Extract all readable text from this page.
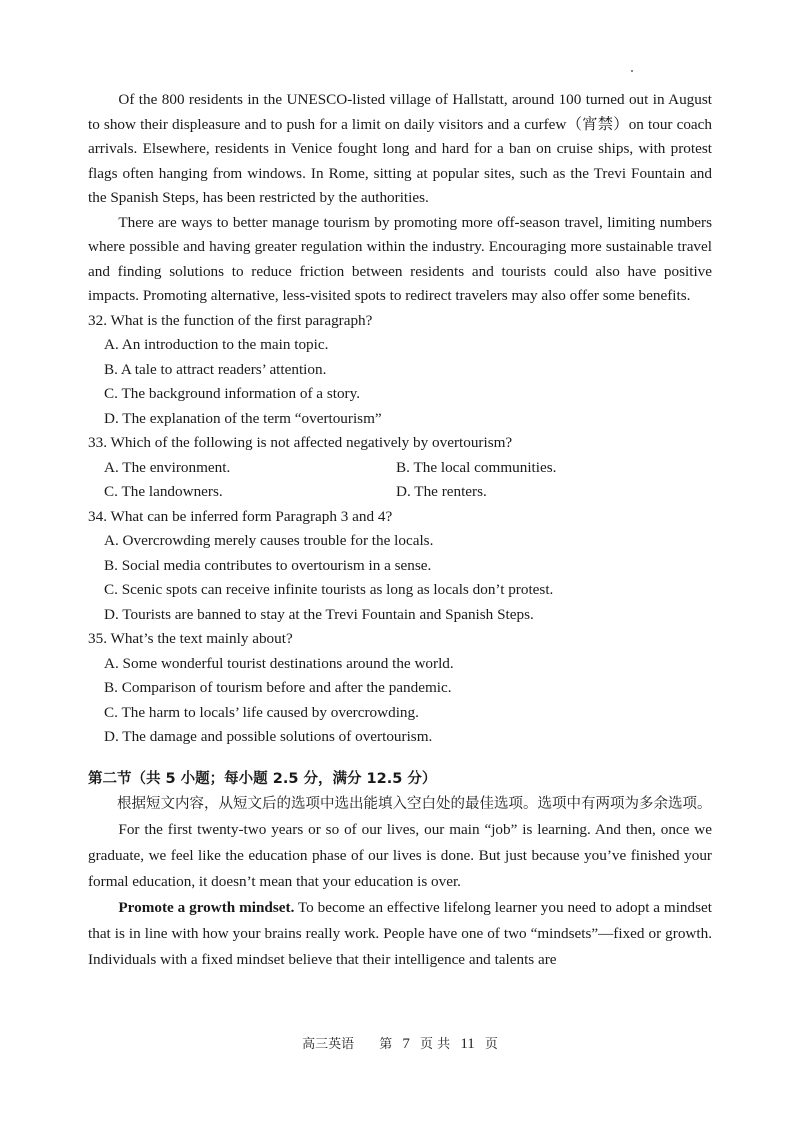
Of the 800 residents in the UNESCO-listed village of Hallstatt, around 100 turned out in August to show their displeasure and to push for a limit on daily visitors and a curfew（宵禁）on tour coach arrivals. Elsewhere, residents in Venice fought long and hard for a ban on cruise ships, with protest flags often hanging from windows. In Rome, sitting at popular sites, such as the Trevi Fountain and the Spanish Steps, has been restricted by the authorities.

There are ways to better manage tourism by promoting more off-season travel, limiting numbers where possible and having greater regulation within the industry. Encouraging more sustainable travel and finding solutions to reduce friction between residents and tourists could also have positive impacts. Promoting alternative, less-visited spots to redirect travelers may also offer some benefits.

32. What is the function of the first paragraph?

A. An introduction to the main topic.

B. A tale to attract readers’ attention.

C. The background information of a story.

D. The explanation of the term “overtourism”

33. Which of the following is not affected negatively by overtourism?

A. The environment.	B. The local communities.
C. The landowners.	D. The renters.

34. What can be inferred form Paragraph 3 and 4?

A. Overcrowding merely causes trouble for the locals.

B. Social media contributes to overtourism in a sense.

C. Scenic spots can receive infinite tourists as long as locals don’t protest.

D. Tourists are banned to stay at the Trevi Fountain and Spanish Steps.

35. What’s the text mainly about?

A. Some wonderful tourist destinations around the world.

B. Comparison of tourism before and after the pandemic.

C. The harm to locals’ life caused by overcrowding.

D. The damage and possible solutions of overtourism.

第二节（共 5 小题；每小题 2.5 分，满分 12.5 分）

根据短文内容，从短文后的选项中选出能填入空白处的最佳选项。选项中有两项为多余选项。

For the first twenty-two years or so of our lives, our main “job” is learning. And then, once we graduate, we feel like the education phase of our lives is done. But just because you’ve finished your formal education, it doesn’t mean that your education is over.

Promote a growth mindset. To become an effective lifelong learner you need to adopt a mindset that is in line with how your brains really work. People have one of two “mindsets”—fixed or growth. Individuals with a fixed mindset believe that their intelligence and talents are

高三英语 第 7 页 共 11 页
